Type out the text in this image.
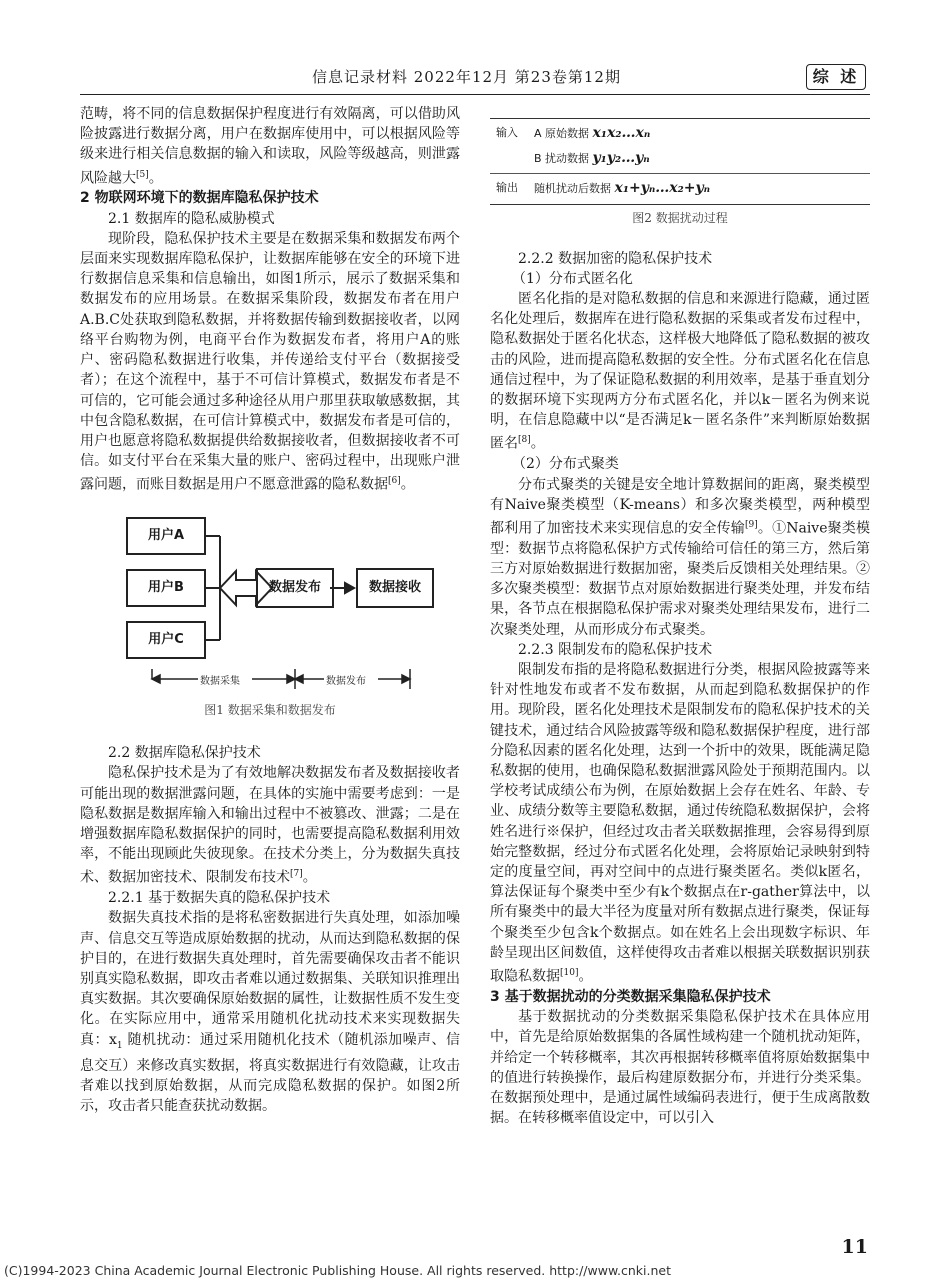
信息记录材料 2022年12月 第23卷第12期	综 述

范畴，将不同的信息数据保护程度进行有效隔离，可以借助风险披露进行数据分离，用户在数据库使用中，可以根据风险等级来进行相关信息数据的输入和读取，风险等级越高，则泄露风险越大[5]。

2 物联网环境下的数据库隐私保护技术

2.1 数据库的隐私威胁模式

现阶段，隐私保护技术主要是在数据采集和数据发布两个层面来实现数据库隐私保护，让数据库能够在安全的环境下进行数据信息采集和信息输出，如图1所示，展示了数据采集和数据发布的应用场景。在数据采集阶段，数据发布者在用户A.B.C处获取到隐私数据，并将数据传输到数据接收者，以网络平台购物为例，电商平台作为数据发布者，将用户A的账户、密码隐私数据进行收集，并传递给支付平台（数据接受者）；在这个流程中，基于不可信计算模式，数据发布者是不可信的，它可能会通过多种途径从用户那里获取敏感数据，其中包含隐私数据，在可信计算模式中，数据发布者是可信的，用户也愿意将隐私数据提供给数据接收者，但数据接收者不可信。如支付平台在采集大量的账户、密码过程中，出现账户泄露问题，而账目数据是用户不愿意泄露的隐私数据[6]。

用户A
用户B
用户C
数据发布	数据接收
数据采集	数据发布
图1 数据采集和数据发布

2.2 数据库隐私保护技术

隐私保护技术是为了有效地解决数据发布者及数据接收者可能出现的数据泄露问题，在具体的实施中需要考虑到：一是隐私数据是数据库输入和输出过程中不被篡改、泄露；二是在增强数据库隐私数据保护的同时，也需要提高隐私数据利用效率，不能出现顾此失彼现象。在技术分类上，分为数据失真技术、数据加密技术、限制发布技术[7]。

2.2.1 基于数据失真的隐私保护技术

数据失真技术指的是将私密数据进行失真处理，如添加噪声、信息交互等造成原始数据的扰动，从而达到隐私数据的保护目的，在进行数据失真处理时，首先需要确保攻击者不能识别真实隐私数据，即攻击者难以通过数据集、关联知识推理出真实数据。其次要确保原始数据的属性，让数据性质不发生变化。在实际应用中，通常采用随机化扰动技术来实现数据失真：$x_1$ 随机扰动：通过采用随机化技术（随机添加噪声、信息交互）来修改真实数据，将真实数据进行有效隐藏，让攻击者难以找到原始数据，从而完成隐私数据的保护。如图2所示，攻击者只能查获扰动数据。

输入	A 原始数据 x₁x₂…xₙ
B 扰动数据 y₁y₂…yₙ
输出	随机扰动后数据 x₁+yₙ…x₂+yₙ
图2 数据扰动过程

2.2.2 数据加密的隐私保护技术

（1）分布式匿名化

匿名化指的是对隐私数据的信息和来源进行隐藏，通过匿名化处理后，数据库在进行隐私数据的采集或者发布过程中，隐私数据处于匿名化状态，这样极大地降低了隐私数据的被攻击的风险，进而提高隐私数据的安全性。分布式匿名化在信息通信过程中，为了保证隐私数据的利用效率，是基于垂直划分的数据环境下实现两方分布式匿名化，并以k－匿名为例来说明，在信息隐藏中以“是否满足k－匿名条件”来判断原始数据匿名[8]。

（2）分布式聚类

分布式聚类的关键是安全地计算数据间的距离，聚类模型有Naive聚类模型（K-means）和多次聚类模型，两种模型都利用了加密技术来实现信息的安全传输[9]。①Naive聚类模型：数据节点将隐私保护方式传输给可信任的第三方，然后第三方对原始数据进行数据加密，聚类后反馈相关处理结果。②多次聚类模型：数据节点对原始数据进行聚类处理，并发布结果，各节点在根据隐私保护需求对聚类处理结果发布，进行二次聚类处理，从而形成分布式聚类。

2.2.3 限制发布的隐私保护技术

限制发布指的是将隐私数据进行分类，根据风险披露等来针对性地发布或者不发布数据，从而起到隐私数据保护的作用。现阶段，匿名化处理技术是限制发布的隐私保护技术的关键技术，通过结合风险披露等级和隐私数据保护程度，进行部分隐私因素的匿名化处理，达到一个折中的效果，既能满足隐私数据的使用，也确保隐私数据泄露风险处于预期范围内。以学校考试成绩公布为例，在原始数据上会存在姓名、年龄、专业、成绩分数等主要隐私数据，通过传统隐私数据保护，会将姓名进行※保护，但经过攻击者关联数据推理，会容易得到原始完整数据，经过分布式匿名化处理，会将原始记录映射到特定的度量空间，再对空间中的点进行聚类匿名。类似k匿名，算法保证每个聚类中至少有k个数据点在r-gather算法中，以所有聚类中的最大半径为度量对所有数据点进行聚类，保证每个聚类至少包含k个数据点。如在姓名上会出现数字标识、年龄呈现出区间数值，这样使得攻击者难以根据关联数据识别获取隐私数据[10]。

3 基于数据扰动的分类数据采集隐私保护技术

基于数据扰动的分类数据采集隐私保护技术在具体应用中，首先是给原始数据集的各属性域构建一个随机扰动矩阵，并给定一个转移概率，其次再根据转移概率值将原始数据集中的值进行转换操作，最后构建原数据分布，并进行分类采集。在数据预处理中，是通过属性域编码表进行，便于生成离散数据。在转移概率值设定中，可以引入

11
(C)1994-2023 China Academic Journal Electronic Publishing House. All rights reserved. http://www.cnki.net
